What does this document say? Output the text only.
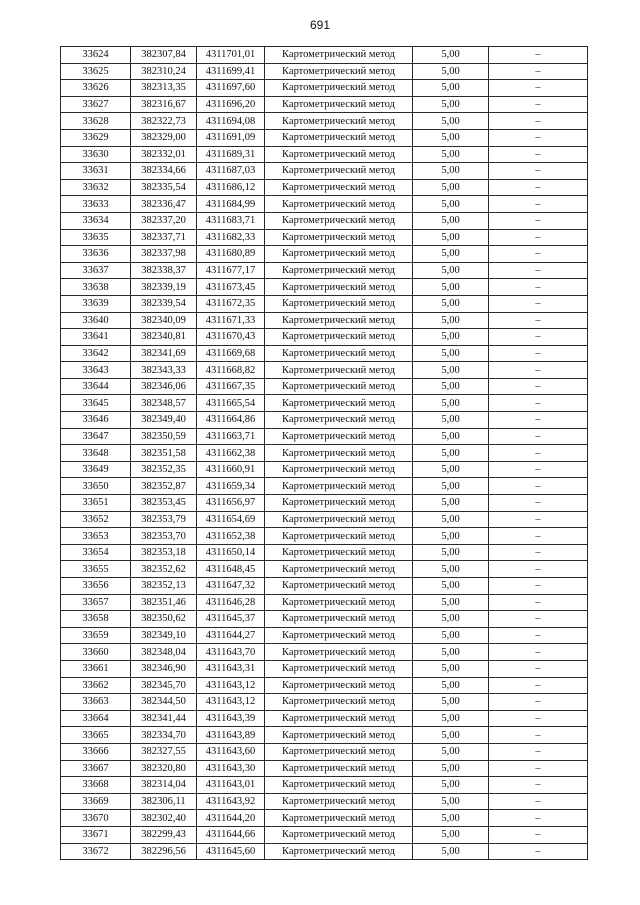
691
33624	382307,84	4311701,01	Картометрический метод	5,00	–
33625	382310,24	4311699,41	Картометрический метод	5,00	–
33626	382313,35	4311697,60	Картометрический метод	5,00	–
33627	382316,67	4311696,20	Картометрический метод	5,00	–
33628	382322,73	4311694,08	Картометрический метод	5,00	–
33629	382329,00	4311691,09	Картометрический метод	5,00	–
33630	382332,01	4311689,31	Картометрический метод	5,00	–
33631	382334,66	4311687,03	Картометрический метод	5,00	–
33632	382335,54	4311686,12	Картометрический метод	5,00	–
33633	382336,47	4311684,99	Картометрический метод	5,00	–
33634	382337,20	4311683,71	Картометрический метод	5,00	–
33635	382337,71	4311682,33	Картометрический метод	5,00	–
33636	382337,98	4311680,89	Картометрический метод	5,00	–
33637	382338,37	4311677,17	Картометрический метод	5,00	–
33638	382339,19	4311673,45	Картометрический метод	5,00	–
33639	382339,54	4311672,35	Картометрический метод	5,00	–
33640	382340,09	4311671,33	Картометрический метод	5,00	–
33641	382340,81	4311670,43	Картометрический метод	5,00	–
33642	382341,69	4311669,68	Картометрический метод	5,00	–
33643	382343,33	4311668,82	Картометрический метод	5,00	–
33644	382346,06	4311667,35	Картометрический метод	5,00	–
33645	382348,57	4311665,54	Картометрический метод	5,00	–
33646	382349,40	4311664,86	Картометрический метод	5,00	–
33647	382350,59	4311663,71	Картометрический метод	5,00	–
33648	382351,58	4311662,38	Картометрический метод	5,00	–
33649	382352,35	4311660,91	Картометрический метод	5,00	–
33650	382352,87	4311659,34	Картометрический метод	5,00	–
33651	382353,45	4311656,97	Картометрический метод	5,00	–
33652	382353,79	4311654,69	Картометрический метод	5,00	–
33653	382353,70	4311652,38	Картометрический метод	5,00	–
33654	382353,18	4311650,14	Картометрический метод	5,00	–
33655	382352,62	4311648,45	Картометрический метод	5,00	–
33656	382352,13	4311647,32	Картометрический метод	5,00	–
33657	382351,46	4311646,28	Картометрический метод	5,00	–
33658	382350,62	4311645,37	Картометрический метод	5,00	–
33659	382349,10	4311644,27	Картометрический метод	5,00	–
33660	382348,04	4311643,70	Картометрический метод	5,00	–
33661	382346,90	4311643,31	Картометрический метод	5,00	–
33662	382345,70	4311643,12	Картометрический метод	5,00	–
33663	382344,50	4311643,12	Картометрический метод	5,00	–
33664	382341,44	4311643,39	Картометрический метод	5,00	–
33665	382334,70	4311643,89	Картометрический метод	5,00	–
33666	382327,55	4311643,60	Картометрический метод	5,00	–
33667	382320,80	4311643,30	Картометрический метод	5,00	–
33668	382314,04	4311643,01	Картометрический метод	5,00	–
33669	382306,11	4311643,92	Картометрический метод	5,00	–
33670	382302,40	4311644,20	Картометрический метод	5,00	–
33671	382299,43	4311644,66	Картометрический метод	5,00	–
33672	382296,56	4311645,60	Картометрический метод	5,00	–
